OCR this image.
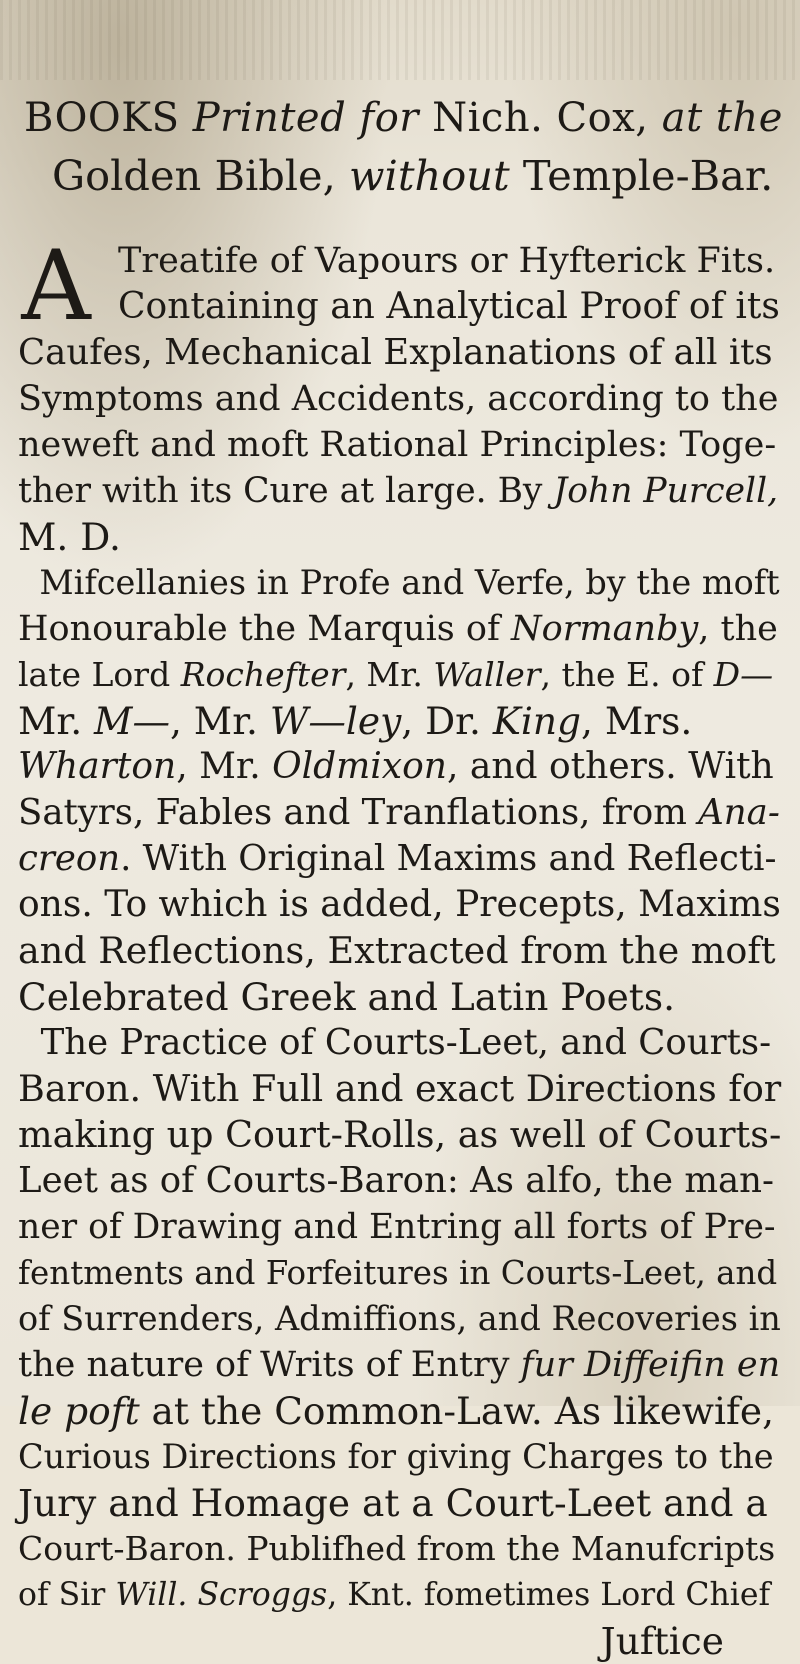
BOOKS Printed for Nich. Cox, at the
Golden Bible, without Temple-Bar.
A Treatife of Vapours or Hyfterick Fits.
Containing an Analytical Proof of its
Caufes, Mechanical Explanations of all its
Symptoms and Accidents, according to the
neweft and moft Rational Principles: Toge-
ther with its Cure at large. By John Purcell,
M. D.
Mifcellanies in Profe and Verfe, by the moft
Honourable the Marquis of Normanby, the
late Lord Rochefter, Mr. Waller, the E. of D—
Mr. M—, Mr. W—ley, Dr. King, Mrs.
Wharton, Mr. Oldmixon, and others. With
Satyrs, Fables and Tranflations, from Ana-
creon. With Original Maxims and Reflecti-
ons. To which is added, Precepts, Maxims
and Reflections, Extracted from the moft
Celebrated Greek and Latin Poets.
The Practice of Courts-Leet, and Courts-
Baron. With Full and exact Directions for
making up Court-Rolls, as well of Courts-
Leet as of Courts-Baron: As alfo, the man-
ner of Drawing and Entring all forts of Pre-
fentments and Forfeitures in Courts-Leet, and
of Surrenders, Admiffions, and Recoveries in
the nature of Writs of Entry fur Diffeifin en
le poft at the Common-Law. As likewife,
Curious Directions for giving Charges to the
Jury and Homage at a Court-Leet and a
Court-Baron. Publifhed from the Manufcripts
of Sir Will. Scroggs, Knt. fometimes Lord Chief
Juftice
